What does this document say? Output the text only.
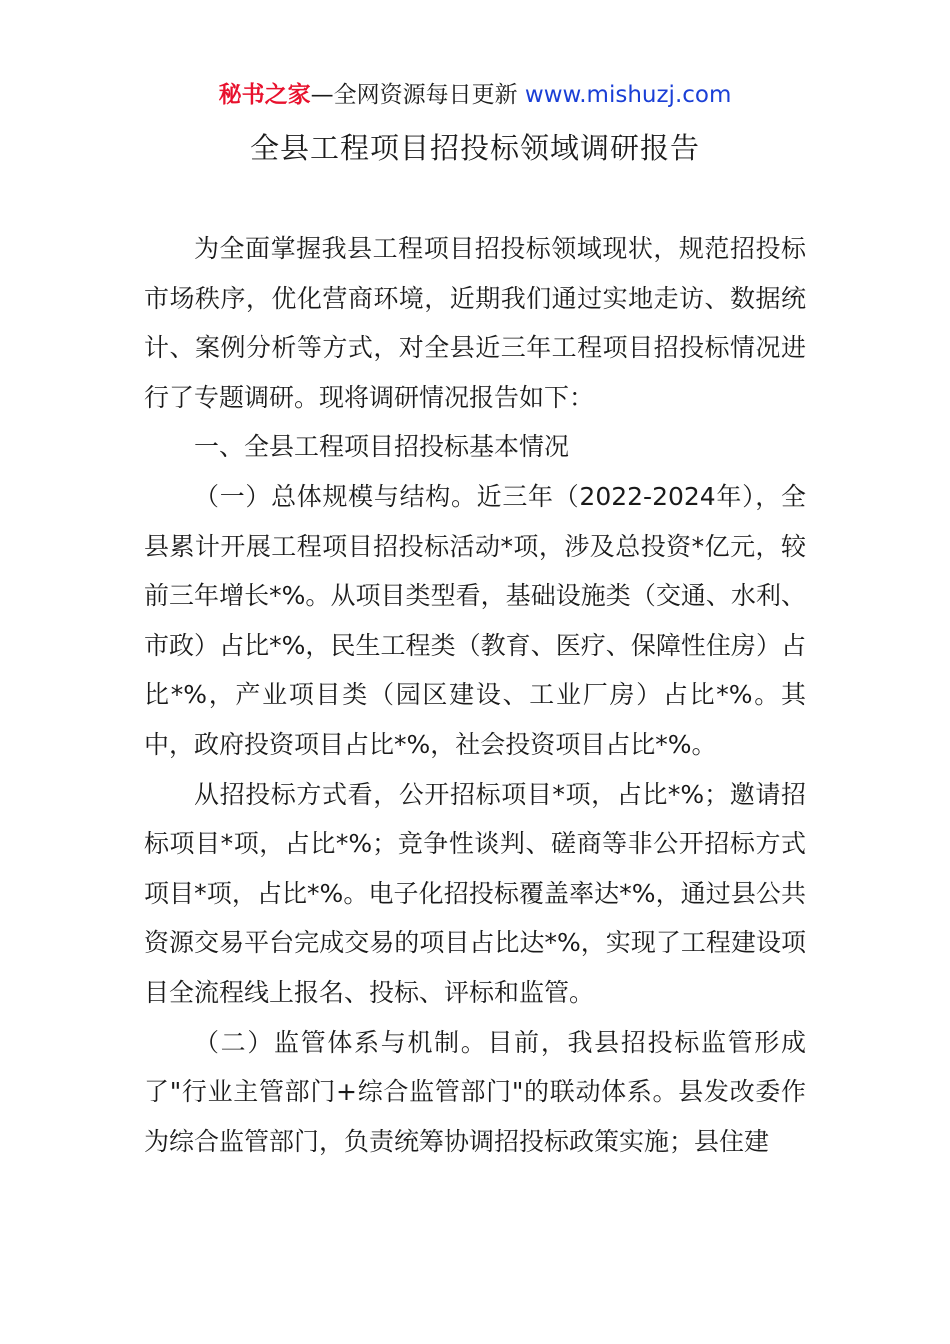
秘书之家—全网资源每日更新 www.mishuzj.com
全县工程项目招投标领域调研报告

为全面掌握我县工程项目招投标领域现状，规范招投标市场秩序，优化营商环境，近期我们通过实地走访、数据统计、案例分析等方式，对全县近三年工程项目招投标情况进行了专题调研。现将调研情况报告如下：

一、全县工程项目招投标基本情况

（一）总体规模与结构。近三年（2022-2024年），全县累计开展工程项目招投标活动*项，涉及总投资*亿元，较前三年增长*%。从项目类型看，基础设施类（交通、水利、市政）占比*%，民生工程类（教育、医疗、保障性住房）占比*%，产业项目类（园区建设、工业厂房）占比*%。其中，政府投资项目占比*%，社会投资项目占比*%。

从招投标方式看，公开招标项目*项，占比*%；邀请招标项目*项，占比*%；竞争性谈判、磋商等非公开招标方式项目*项，占比*%。电子化招投标覆盖率达*%，通过县公共资源交易平台完成交易的项目占比达*%，实现了工程建设项目全流程线上报名、投标、评标和监管。

（二）监管体系与机制。目前，我县招投标监管形成了"行业主管部门+综合监管部门"的联动体系。县发改委作为综合监管部门，负责统筹协调招投标政策实施；县住建
